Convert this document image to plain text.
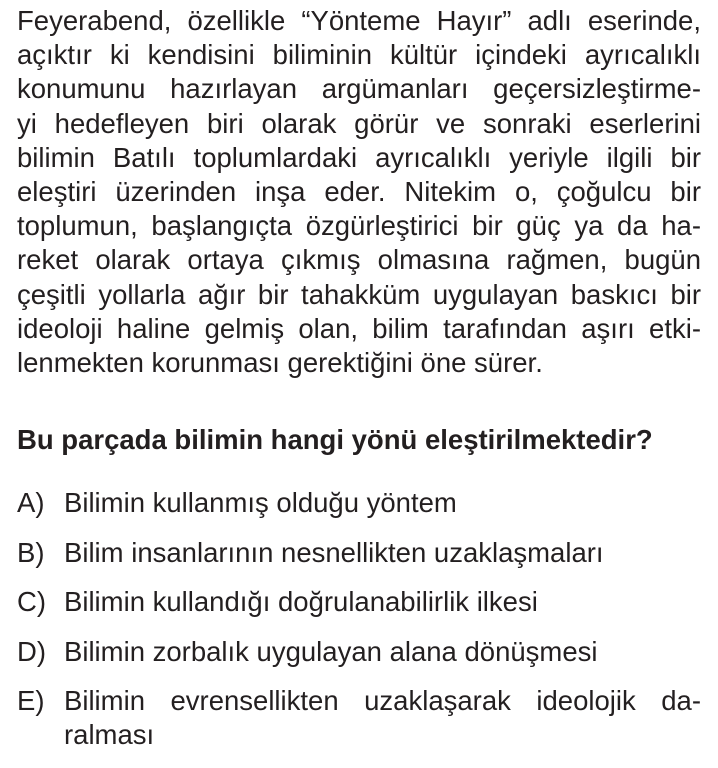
Feyerabend, özellikle “Yönteme Hayır” adlı eserinde,
açıktır ki kendisini biliminin kültür içindeki ayrıcalıklı
konumunu hazırlayan argümanları geçersizleştirme-
yi hedefleyen biri olarak görür ve sonraki eserlerini
bilimin Batılı toplumlardaki ayrıcalıklı yeriyle ilgili bir
eleştiri üzerinden inşa eder. Nitekim o, çoğulcu bir
toplumun, başlangıçta özgürleştirici bir güç ya da ha-
reket olarak ortaya çıkmış olmasına rağmen, bugün
çeşitli yollarla ağır bir tahakküm uygulayan baskıcı bir
ideoloji haline gelmiş olan, bilim tarafından aşırı etki-
lenmekten korunması gerektiğini öne sürer.
Bu parçada bilimin hangi yönü eleştirilmektedir?
A) Bilimin kullanmış olduğu yöntem
B) Bilim insanlarının nesnellikten uzaklaşmaları
C) Bilimin kullandığı doğrulanabilirlik ilkesi
D) Bilimin zorbalık uygulayan alana dönüşmesi
E) Bilimin evrensellikten uzaklaşarak ideolojik da-
ralması
